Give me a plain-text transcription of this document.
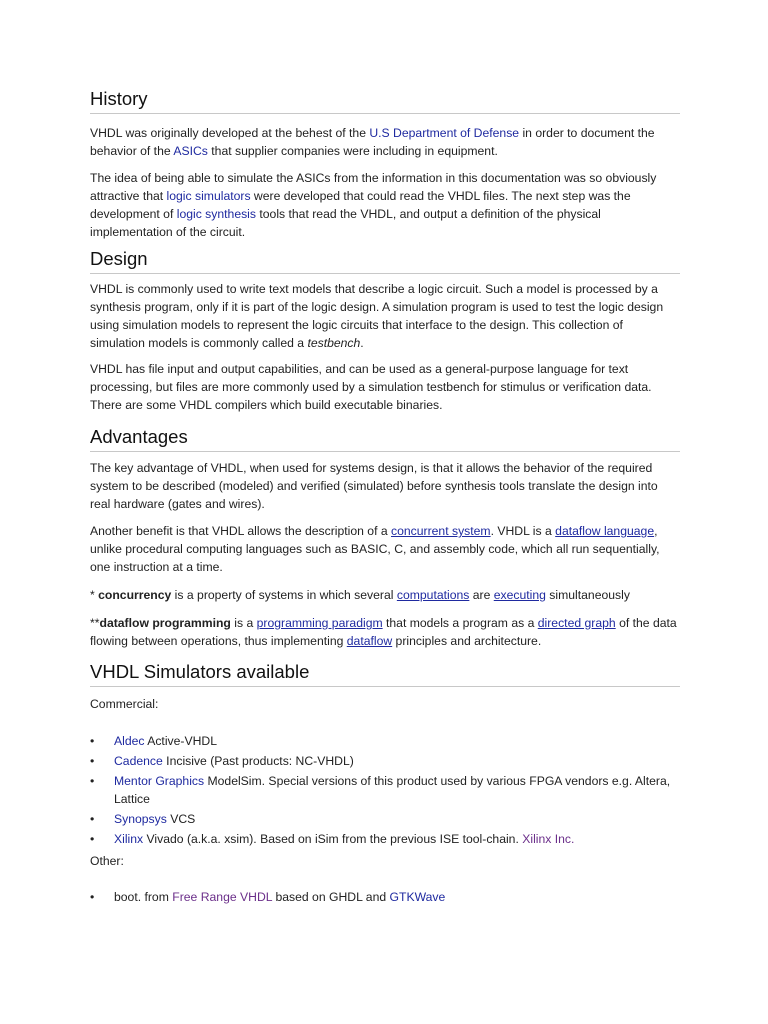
History

VHDL was originally developed at the behest of the U.S Department of Defense in order to document the behavior of the ASICs that supplier companies were including in equipment.

The idea of being able to simulate the ASICs from the information in this documentation was so obviously attractive that logic simulators were developed that could read the VHDL files. The next step was the development of logic synthesis tools that read the VHDL, and output a definition of the physical implementation of the circuit.

Design

VHDL is commonly used to write text models that describe a logic circuit. Such a model is processed by a synthesis program, only if it is part of the logic design. A simulation program is used to test the logic design using simulation models to represent the logic circuits that interface to the design. This collection of simulation models is commonly called a testbench.

VHDL has file input and output capabilities, and can be used as a general-purpose language for text processing, but files are more commonly used by a simulation testbench for stimulus or verification data. There are some VHDL compilers which build executable binaries.

Advantages

The key advantage of VHDL, when used for systems design, is that it allows the behavior of the required system to be described (modeled) and verified (simulated) before synthesis tools translate the design into real hardware (gates and wires).

Another benefit is that VHDL allows the description of a concurrent system. VHDL is a dataflow language, unlike procedural computing languages such as BASIC, C, and assembly code, which all run sequentially, one instruction at a time.

* concurrency is a property of systems in which several computations are executing simultaneously

**dataflow programming is a programming paradigm that models a program as a directed graph of the data flowing between operations, thus implementing dataflow principles and architecture.

VHDL Simulators available

Commercial:

• Aldec Active-VHDL
• Cadence Incisive (Past products: NC-VHDL)
• Mentor Graphics ModelSim. Special versions of this product used by various FPGA vendors e.g. Altera, Lattice
• Synopsys VCS
• Xilinx Vivado (a.k.a. xsim). Based on iSim from the previous ISE tool-chain. Xilinx Inc.

Other:

• boot. from Free Range VHDL based on GHDL and GTKWave
